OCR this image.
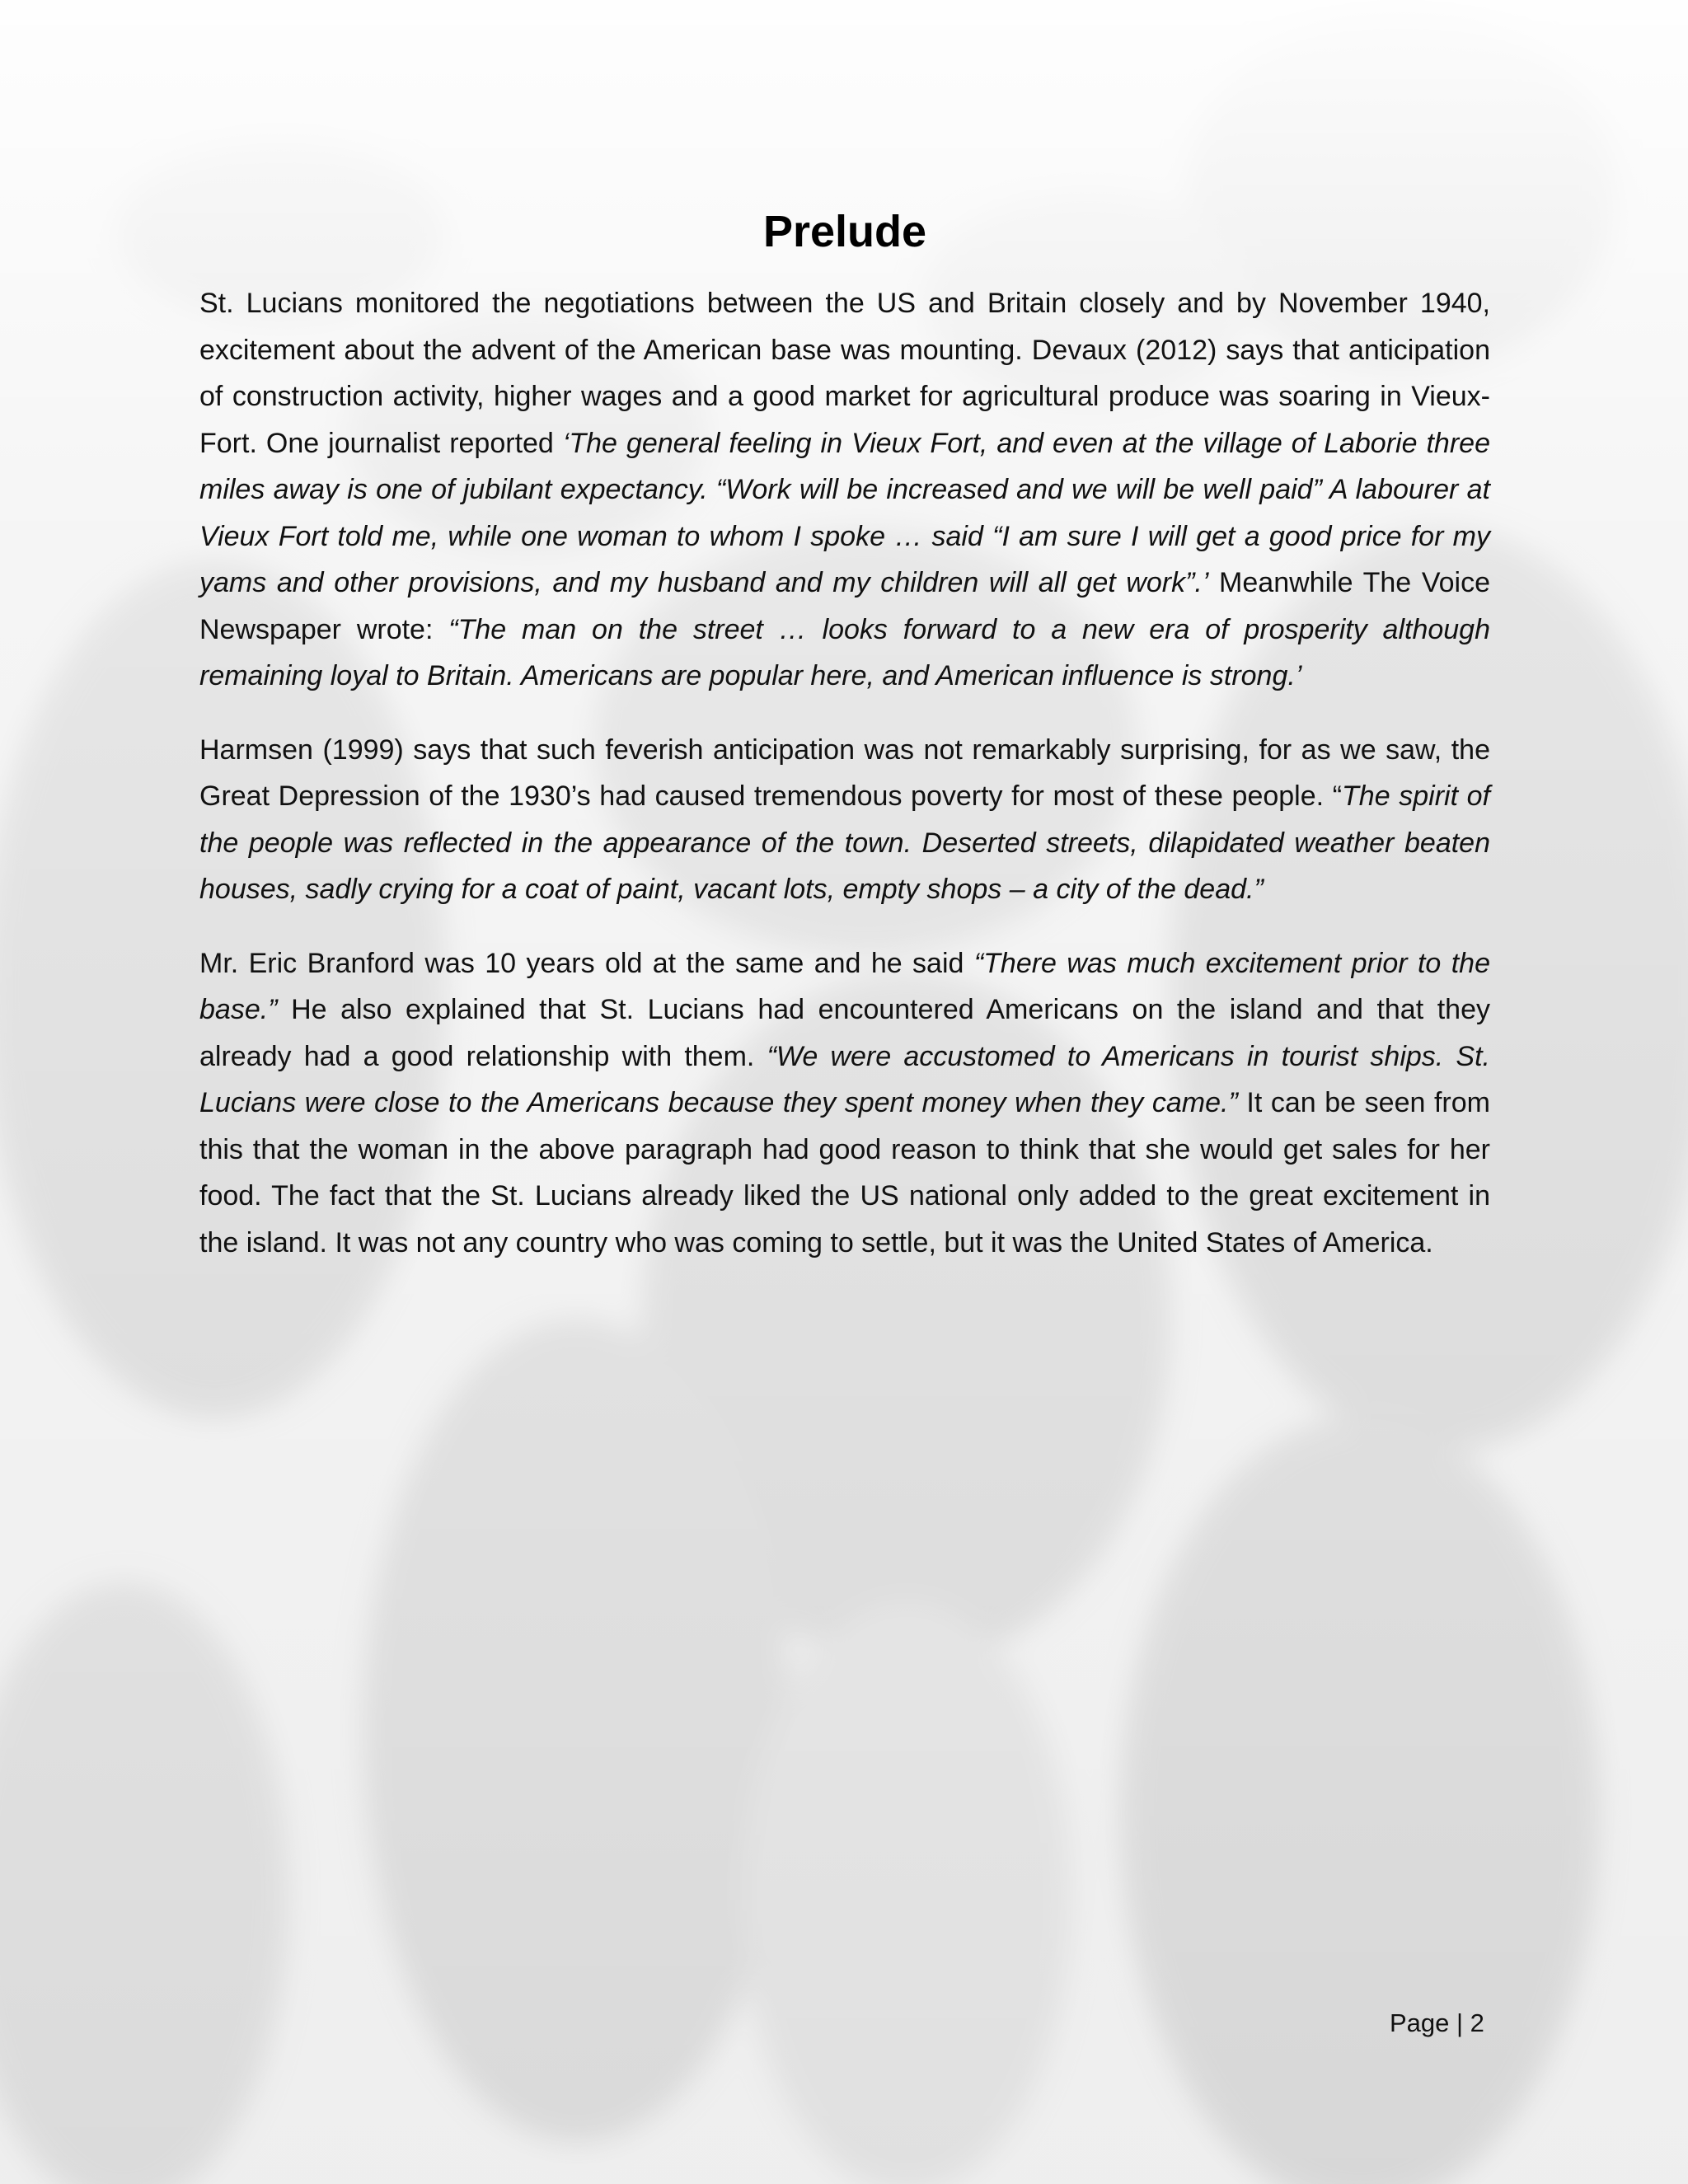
Prelude

St. Lucians monitored the negotiations between the US and Britain closely and by November 1940, excitement about the advent of the American base was mounting. Devaux (2012) says that anticipation of construction activity, higher wages and a good market for agricultural produce was soaring in Vieux-Fort. One journalist reported ‘The general feeling in Vieux Fort, and even at the village of Laborie three miles away is one of jubilant expectancy. “Work will be increased and we will be well paid” A labourer at Vieux Fort told me, while one woman to whom I spoke … said “I am sure I will get a good price for my yams and other provisions, and my husband and my children will all get work”.’ Meanwhile The Voice Newspaper wrote: “The man on the street … looks forward to a new era of prosperity although remaining loyal to Britain. Americans are popular here, and American influence is strong.’

Harmsen (1999) says that such feverish anticipation was not remarkably surprising, for as we saw, the Great Depression of the 1930’s had caused tremendous poverty for most of these people. “The spirit of the people was reflected in the appearance of the town. Deserted streets, dilapidated weather beaten houses, sadly crying for a coat of paint, vacant lots, empty shops – a city of the dead.”

Mr. Eric Branford was 10 years old at the same and he said “There was much excitement prior to the base.” He also explained that St. Lucians had encountered Americans on the island and that they already had a good relationship with them. “We were accustomed to Americans in tourist ships. St. Lucians were close to the Americans because they spent money when they came.” It can be seen from this that the woman in the above paragraph had good reason to think that she would get sales for her food. The fact that the St. Lucians already liked the US national only added to the great excitement in the island. It was not any country who was coming to settle, but it was the United States of America.

Page | 2
